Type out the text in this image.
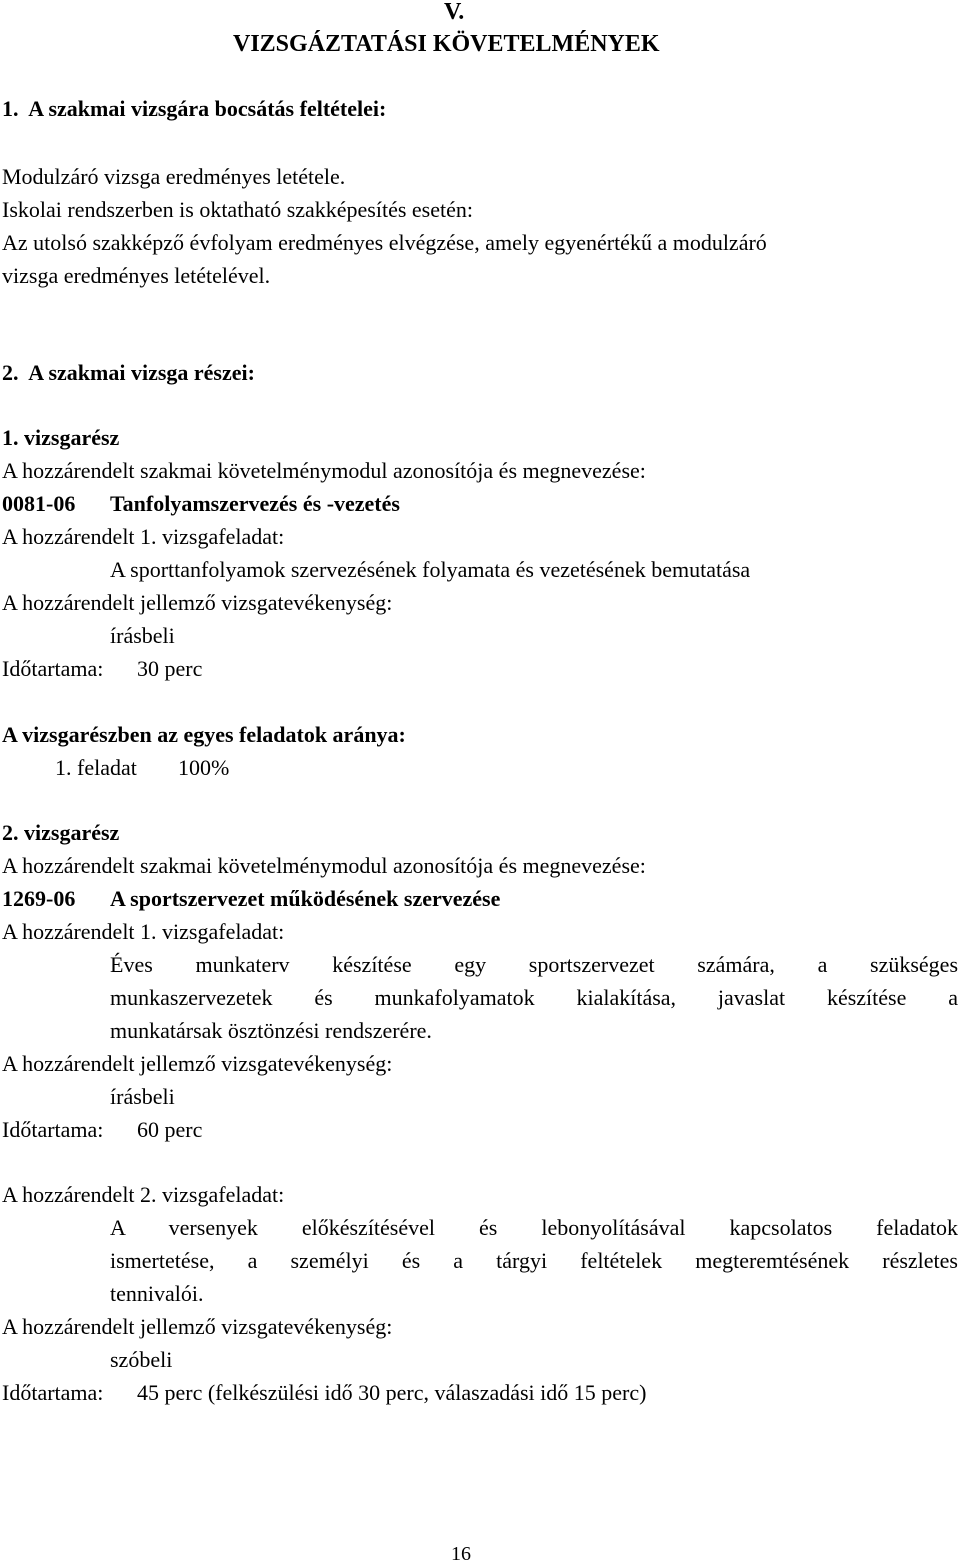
V.
VIZSGÁZTATÁSI KÖVETELMÉNYEK
1.  A szakmai vizsgára bocsátás feltételei:
Modulzáró vizsga eredményes letétele.
Iskolai rendszerben is oktatható szakképesítés esetén:
Az utolsó szakképző évfolyam eredményes elvégzése, amely egyenértékű a modulzáró
vizsga eredményes letételével.
2.  A szakmai vizsga részei:
1. vizsgarész
A hozzárendelt szakmai követelménymodul azonosítója és megnevezése:
0081-06 Tanfolyamszervezés és -vezetés
A hozzárendelt 1. vizsgafeladat:
A sporttanfolyamok szervezésének folyamata és vezetésének bemutatása
A hozzárendelt jellemző vizsgatevékenység:
írásbeli
Időtartama: 30 perc
A vizsgarészben az egyes feladatok aránya:
1. feladat 100%
2. vizsgarész
A hozzárendelt szakmai követelménymodul azonosítója és megnevezése:
1269-06 A sportszervezet működésének szervezése
A hozzárendelt 1. vizsgafeladat:
Éves munkaterv készítése egy sportszervezet számára, a szükséges
munkaszervezetek és munkafolyamatok kialakítása, javaslat készítése a
munkatársak ösztönzési rendszerére.
A hozzárendelt jellemző vizsgatevékenység:
írásbeli
Időtartama: 60 perc
A hozzárendelt 2. vizsgafeladat:
A versenyek előkészítésével és lebonyolításával kapcsolatos feladatok
ismertetése, a személyi és a tárgyi feltételek megteremtésének részletes
tennivalói.
A hozzárendelt jellemző vizsgatevékenység:
szóbeli
Időtartama: 45 perc (felkészülési idő 30 perc, válaszadási idő 15 perc)
16
